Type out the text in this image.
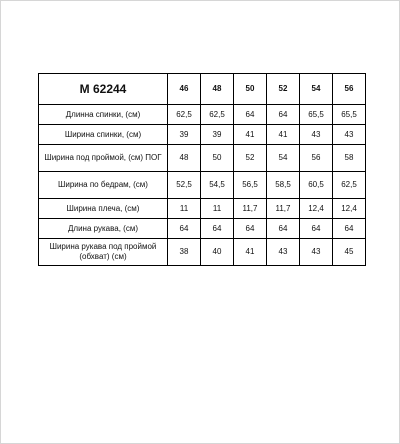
М 62244	46	48	50	52	54	56
Длинна спинки, (см)	62,5	62,5	64	64	65,5	65,5
Ширина спинки, (см)	39	39	41	41	43	43
Ширина под проймой, (см) ПОГ	48	50	52	54	56	58
Ширина по бедрам, (см)	52,5	54,5	56,5	58,5	60,5	62,5
Ширина плеча, (см)	11	11	11,7	11,7	12,4	12,4
Длина рукава, (см)	64	64	64	64	64	64
Ширина рукава под проймой (обхват) (см)	38	40	41	43	43	45
